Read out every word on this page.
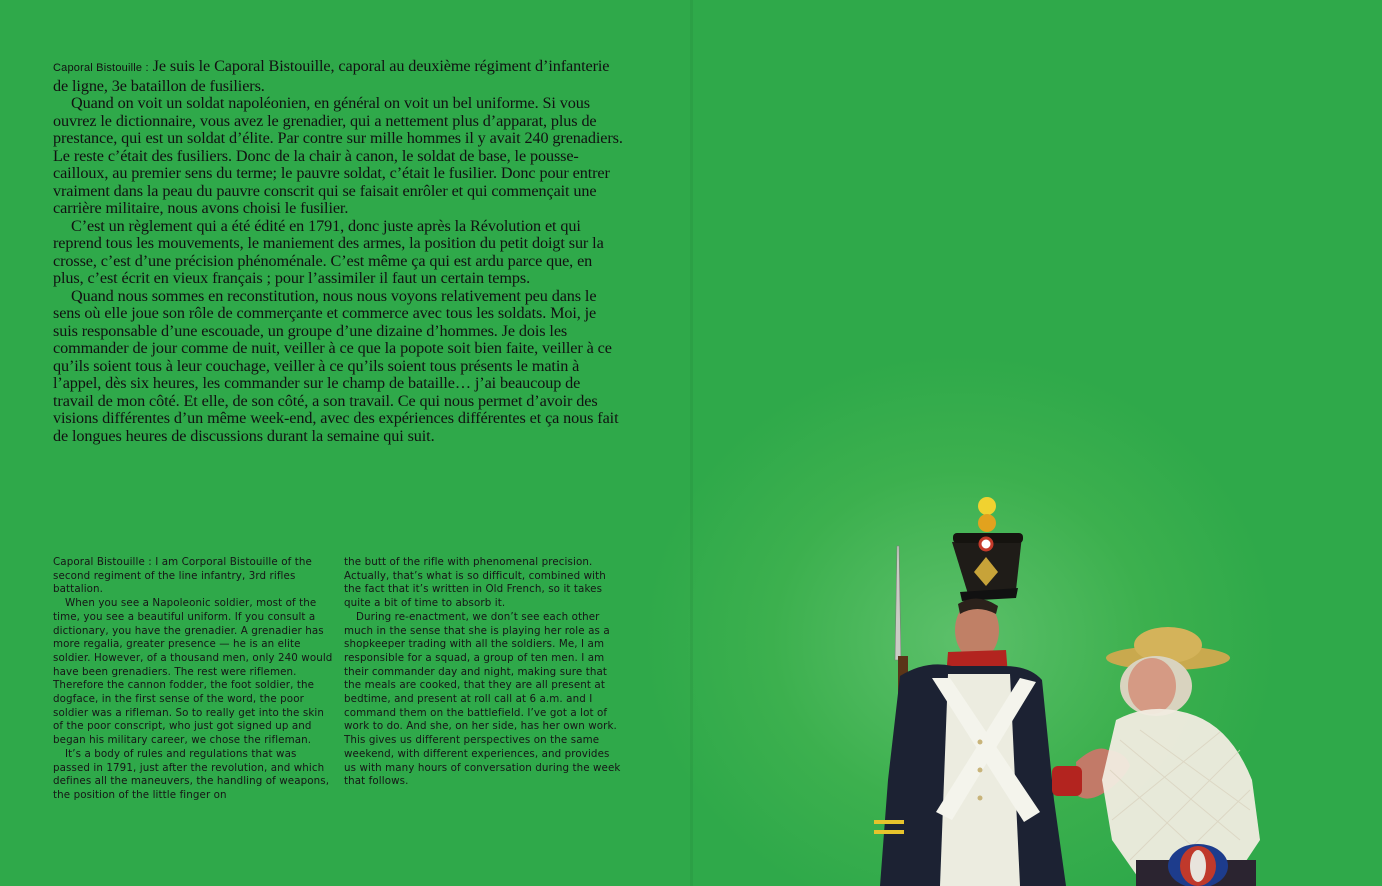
Caporal Bistouille : Je suis le Caporal Bistouille, caporal au deuxième régiment d’infanterie de ligne, 3e bataillon de fusiliers.

Quand on voit un soldat napoléonien, en général on voit un bel uniforme. Si vous ouvrez le dictionnaire, vous avez le grenadier, qui a nettement plus d’apparat, plus de prestance, qui est un soldat d’élite. Par contre sur mille hommes il y avait 240 grenadiers. Le reste c’était des fusiliers. Donc de la chair à canon, le soldat de base, le pousse-cailloux, au premier sens du terme; le pauvre soldat, c’était le fusilier. Donc pour entrer vraiment dans la peau du pauvre conscrit qui se faisait enrôler et qui commençait une carrière militaire, nous avons choisi le fusilier.

C’est un règlement qui a été édité en 1791, donc juste après la Révolution et qui reprend tous les mouvements, le maniement des armes, la position du petit doigt sur la crosse, c’est d’une précision phénoménale. C’est même ça qui est ardu parce que, en plus, c’est écrit en vieux français ; pour l’assimiler il faut un certain temps.

Quand nous sommes en reconstitution, nous nous voyons relativement peu dans le sens où elle joue son rôle de commerçante et commerce avec tous les soldats. Moi, je suis responsable d’une escouade, un groupe d’une dizaine d’hommes. Je dois les commander de jour comme de nuit, veiller à ce que la popote soit bien faite, veiller à ce qu’ils soient tous à leur couchage, veiller à ce qu’ils soient tous présents le matin à l’appel, dès six heures, les commander sur le champ de bataille… j’ai beaucoup de travail de mon côté. Et elle, de son côté, a son travail. Ce qui nous permet d’avoir des visions différentes d’un même week-end, avec des expériences différentes et ça nous fait de longues heures de discussions durant la semaine qui suit.

Caporal Bistouille : I am Corporal Bistouille of the second regiment of the line infantry, 3rd rifles battalion.

When you see a Napoleonic soldier, most of the time, you see a beautiful uniform. If you consult a dictionary, you have the grenadier. A grenadier has more regalia, greater presence — he is an elite soldier. However, of a thousand men, only 240 would have been grenadiers. The rest were riflemen. Therefore the cannon fodder, the foot soldier, the dogface, in the first sense of the word, the poor soldier was a rifleman. So to really get into the skin of the poor conscript, who just got signed up and began his military career, we chose the rifleman.

It’s a body of rules and regulations that was passed in 1791, just after the revolution, and which defines all the maneuvers, the handling of weapons, the position of the little finger on

the butt of the rifle with phenomenal precision. Actually, that’s what is so difficult, combined with the fact that it’s written in Old French, so it takes quite a bit of time to absorb it.

During re-enactment, we don’t see each other much in the sense that she is playing her role as a shopkeeper trading with all the soldiers. Me, I am responsible for a squad, a group of ten men. I am their commander day and night, making sure that the meals are cooked, that they are all present at bedtime, and present at roll call at 6 a.m. and I command them on the battlefield. I’ve got a lot of work to do. And she, on her side, has her own work. This gives us different perspectives on the same weekend, with different experiences, and provides us with many hours of conversation during the week that follows.
